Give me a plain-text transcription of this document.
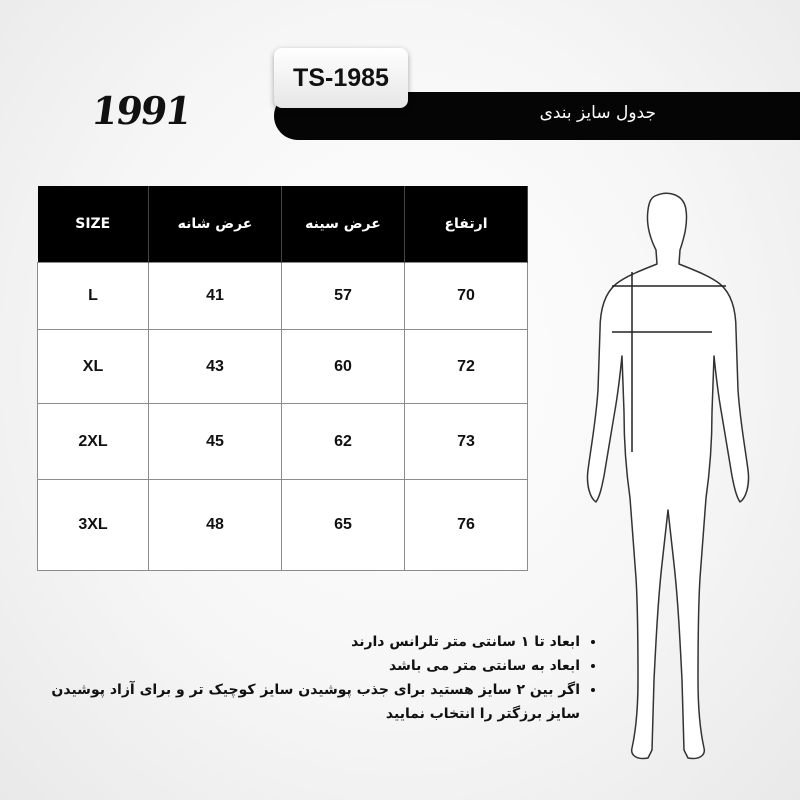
1991	جدول سایز بندی
TS-1985
SIZE	عرض شانه	عرض سینه	ارتفاع
L	41	57	70
XL	43	60	72
2XL	45	62	73
3XL	48	65	76
• ابعاد تا ۱ سانتی متر تلرانس دارند
• ابعاد به سانتی متر می باشد
• اگر بین ۲ سایز هستید برای جذب پوشیدن سایز کوچیک تر و برای آزاد پوشیدن سایز برزگتر را انتخاب نمایید
